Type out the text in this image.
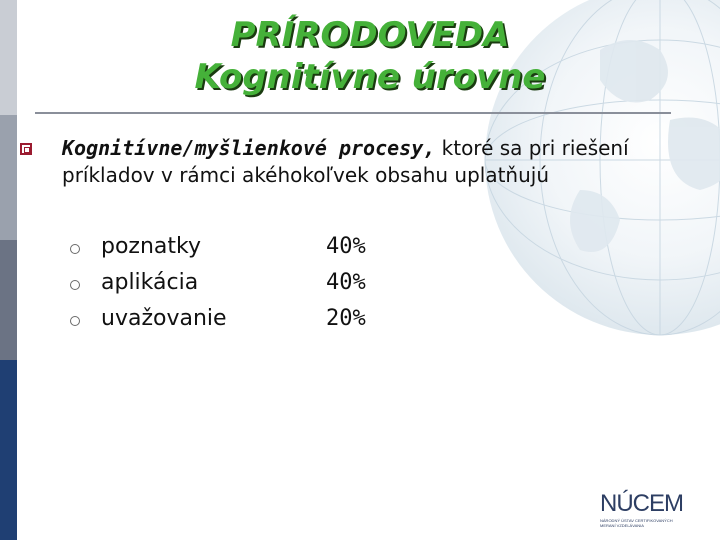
PRÍRODOVEDA
Kognitívne úrovne
Kognitívne/myšlienkové procesy, ktoré sa pri riešení príkladov v rámci akéhokoľvek obsahu uplatňujú
poznatky	40%
aplikácia	40%
uvažovanie	20%
NÚCEM
NÁRODNÝ ÚSTAV CERTIFIKOVANÝCH MERANÍ VZDELÁVANIA
